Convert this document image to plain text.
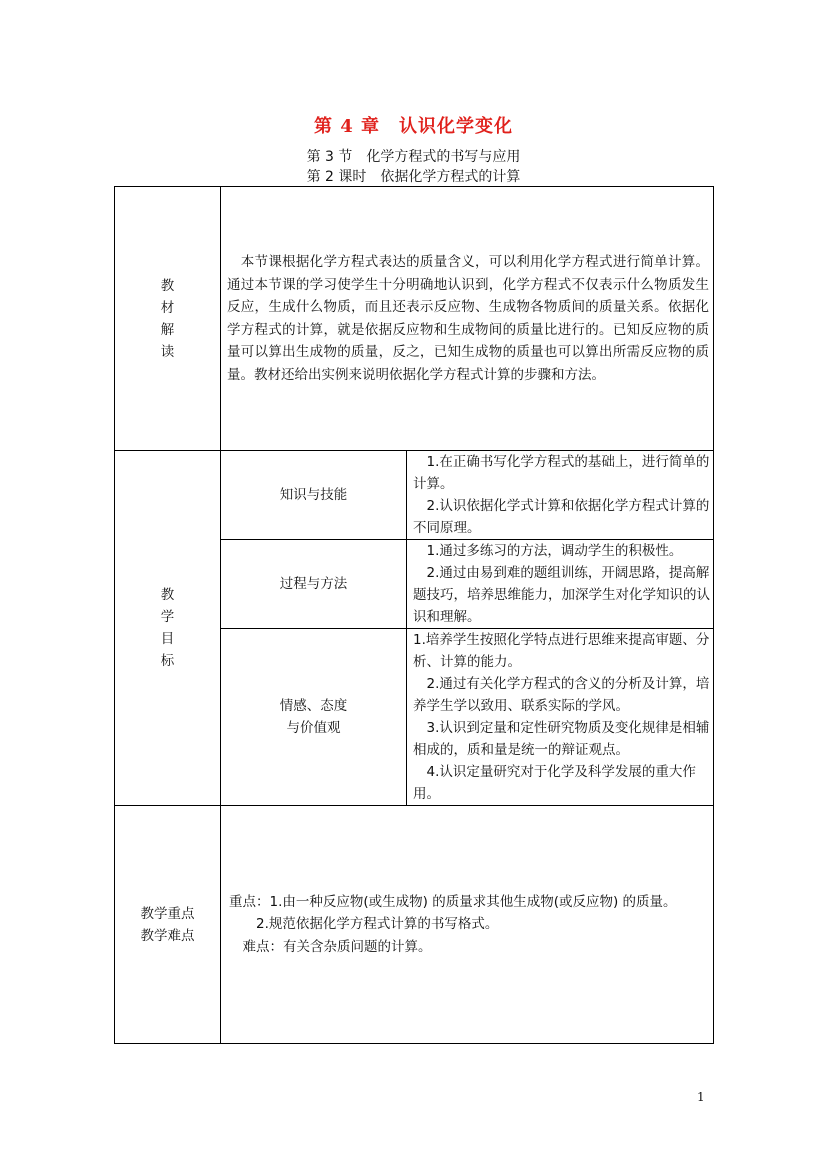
第 4 章　认识化学变化
第 3 节　化学方程式的书写与应用
第 2 课时　依据化学方程式的计算
教材解读	　本节课根据化学方程式表达的质量含义，可以利用化学方程式进行简单计算。通过本节课的学习使学生十分明确地认识到，化学方程式不仅表示什么物质发生反应，生成什么物质，而且还表示反应物、生成物各物质间的质量关系。依据化学方程式的计算，就是依据反应物和生成物间的质量比进行的。已知反应物的质量可以算出生成物的质量，反之，已知生成物的质量也可以算出所需反应物的质量。教材还给出实例来说明依据化学方程式计算的步骤和方法。	

教学目标	知识与技能	　1.在正确书写化学方程式的基础上，进行简单的计算。
　2.认识依据化学式计算和依据化学方程式计算的不同原理。

	过程与方法	　1.通过多练习的方法，调动学生的积极性。
　2.通过由易到难的题组训练，开阔思路，提高解题技巧，培养思维能力，加深学生对化学知识的认识和理解。

	情感、态度
与价值观	1.培养学生按照化学特点进行思维来提高审题、分析、计算的能力。
　2.通过有关化学方程式的含义的分析及计算，培养学生学以致用、联系实际的学风。
　3.认识到定量和定性研究物质及变化规律是相辅相成的，质和量是统一的辩证观点。
　4.认识定量研究对于化学及科学发展的重大作用。

教学重点
教学难点	重点：1.由一种反应物(或生成物) 的质量求其他生成物(或反应物) 的质量。
　　2.规范依据化学方程式计算的书写格式。
　难点：有关含杂质问题的计算。	
1
